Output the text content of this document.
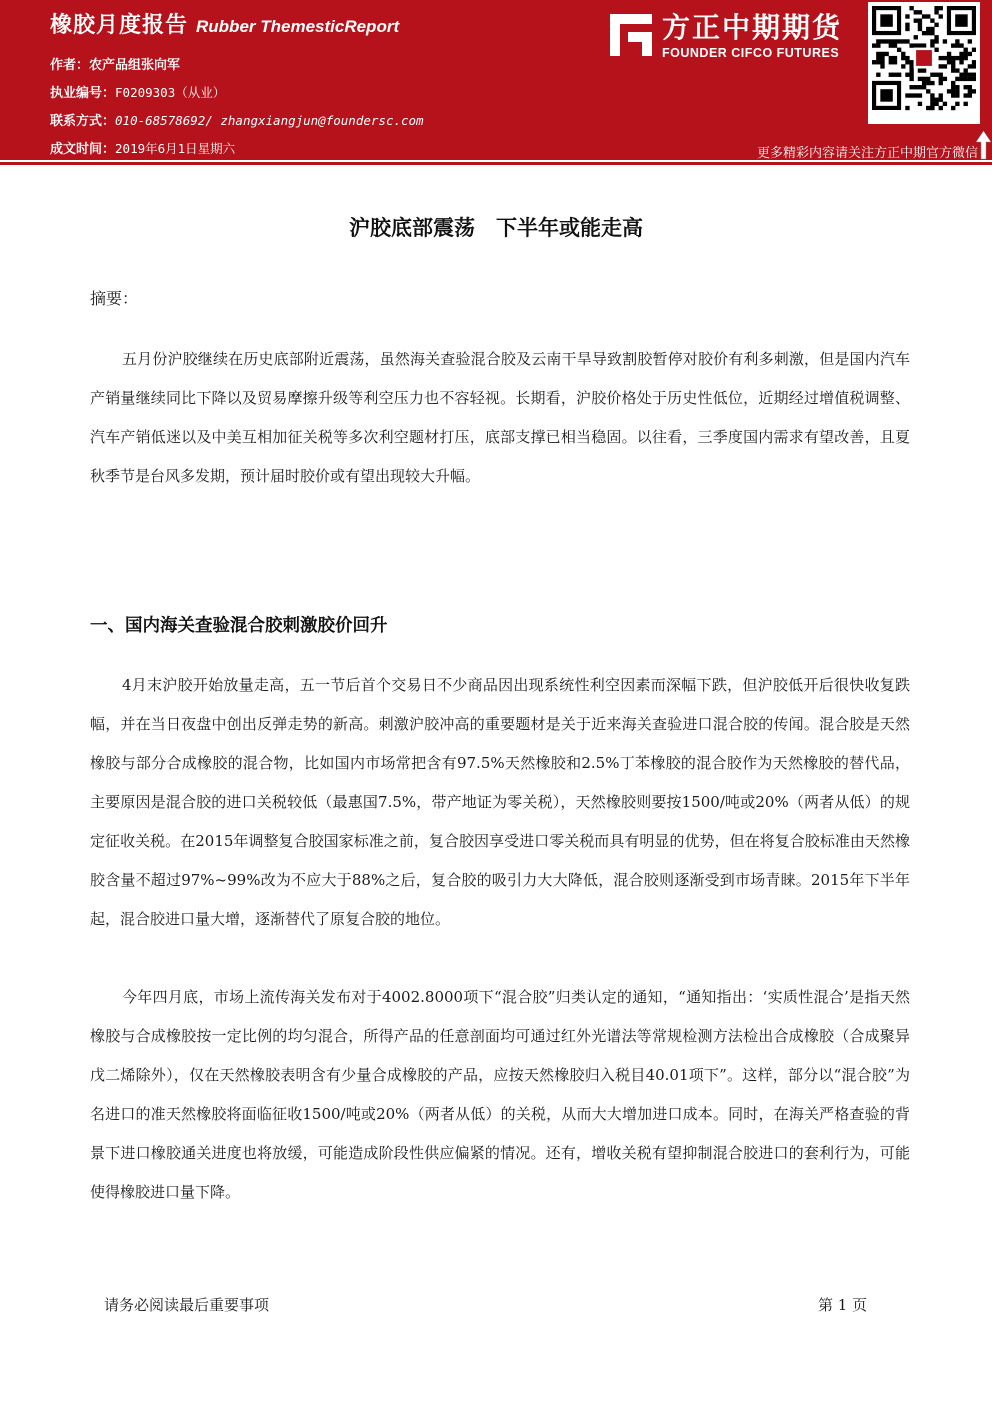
橡胶月度报告 Rubber ThemesticReport
作者：农产品组张向军
执业编号：F0209303（从业）
联系方式：010-68578692/ zhangxiangjun@foundersc.com
成文时间：2019年6月1日星期六
方正中期期货
FOUNDER CIFCO FUTURES
更多精彩内容请关注方正中期官方微信
沪胶底部震荡　下半年或能走高
摘要：
五月份沪胶继续在历史底部附近震荡，虽然海关查验混合胶及云南干旱导致割胶暂停对胶价有利多刺激，但是国内汽车产销量继续同比下降以及贸易摩擦升级等利空压力也不容轻视。长期看，沪胶价格处于历史性低位，近期经过增值税调整、汽车产销低迷以及中美互相加征关税等多次利空题材打压，底部支撑已相当稳固。以往看，三季度国内需求有望改善，且夏秋季节是台风多发期，预计届时胶价或有望出现较大升幅。
一、国内海关查验混合胶刺激胶价回升
4月末沪胶开始放量走高，五一节后首个交易日不少商品因出现系统性利空因素而深幅下跌，但沪胶低开后很快收复跌幅，并在当日夜盘中创出反弹走势的新高。刺激沪胶冲高的重要题材是关于近来海关查验进口混合胶的传闻。混合胶是天然橡胶与部分合成橡胶的混合物，比如国内市场常把含有97.5%天然橡胶和2.5%丁苯橡胶的混合胶作为天然橡胶的替代品，主要原因是混合胶的进口关税较低（最惠国7.5%，带产地证为零关税），天然橡胶则要按1500/吨或20%（两者从低）的规定征收关税。在2015年调整复合胶国家标准之前，复合胶因享受进口零关税而具有明显的优势，但在将复合胶标准由天然橡胶含量不超过97%~99%改为不应大于88%之后，复合胶的吸引力大大降低，混合胶则逐渐受到市场青睐。2015年下半年起，混合胶进口量大增，逐渐替代了原复合胶的地位。
今年四月底，市场上流传海关发布对于4002.8000项下“混合胶”归类认定的通知，“通知指出：‘实质性混合’是指天然橡胶与合成橡胶按一定比例的均匀混合，所得产品的任意剖面均可通过红外光谱法等常规检测方法检出合成橡胶（合成聚异戊二烯除外），仅在天然橡胶表明含有少量合成橡胶的产品，应按天然橡胶归入税目40.01项下”。这样，部分以“混合胶”为名进口的准天然橡胶将面临征收1500/吨或20%（两者从低）的关税，从而大大增加进口成本。同时，在海关严格查验的背景下进口橡胶通关进度也将放缓，可能造成阶段性供应偏紧的情况。还有，增收关税有望抑制混合胶进口的套利行为，可能使得橡胶进口量下降。
请务必阅读最后重要事项	第 1 页
